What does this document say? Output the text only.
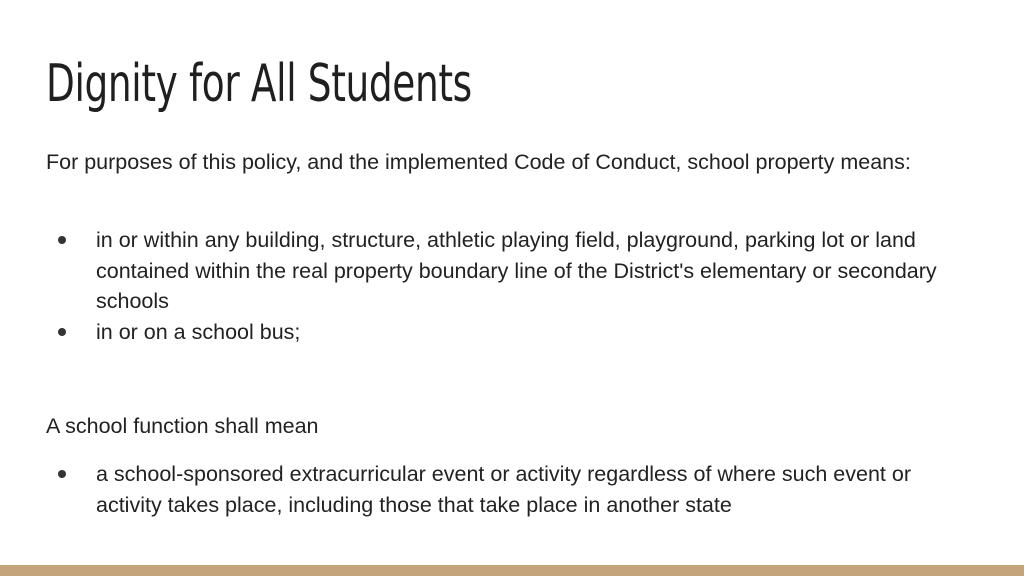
Dignity for All Students

For purposes of this policy, and the implemented Code of Conduct, school property means:

in or within any building, structure, athletic playing field, playground, parking lot or land contained within the real property boundary line of the District's elementary or secondary schools
in or on a school bus;

A school function shall mean

a school-sponsored extracurricular event or activity regardless of where such event or activity takes place, including those that take place in another state
